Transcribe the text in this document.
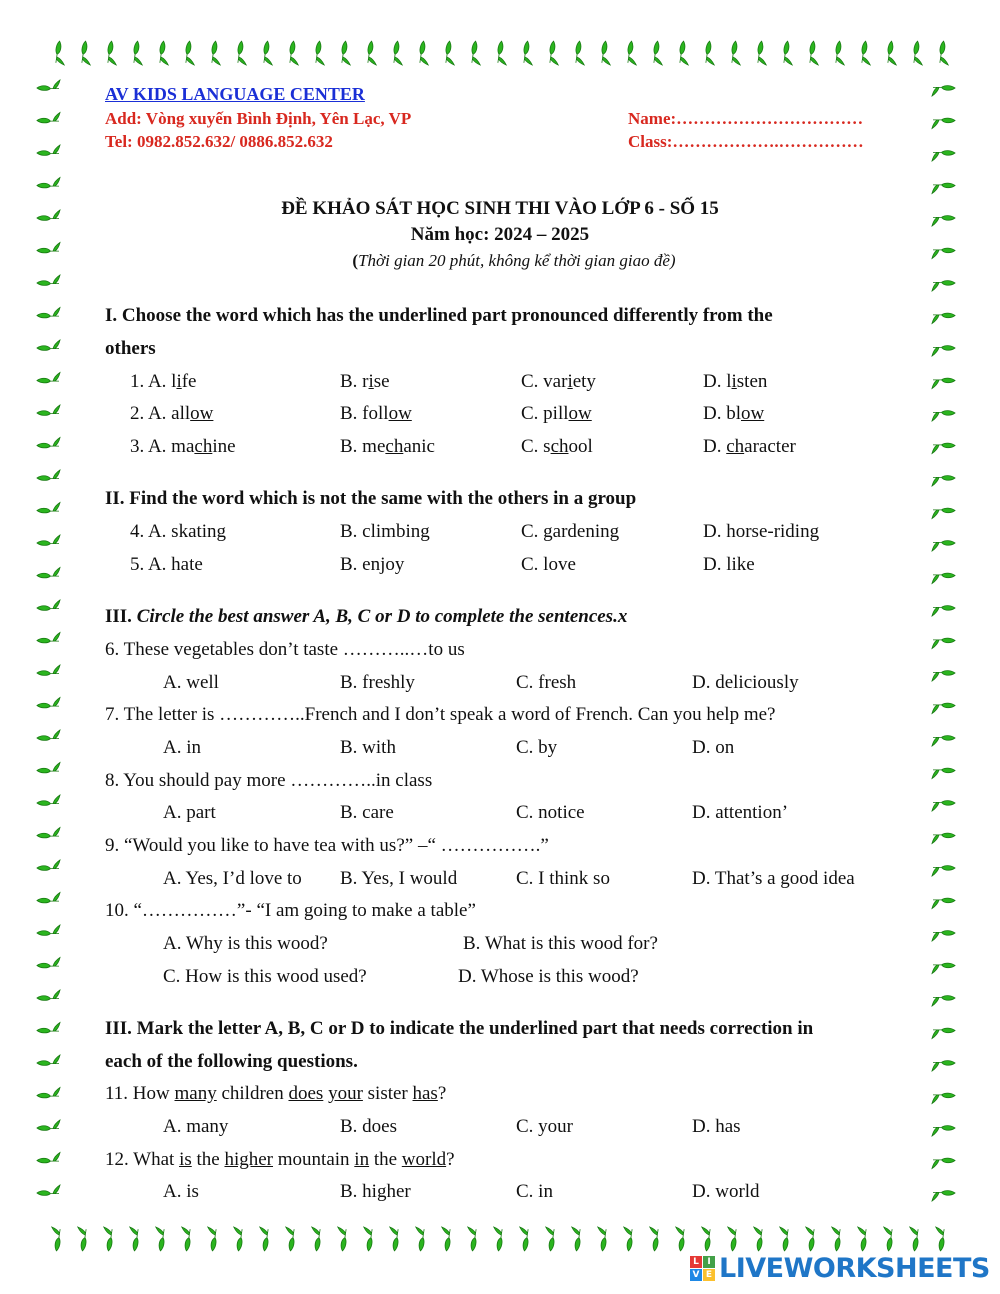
AV KIDS LANGUAGE CENTER
Add: Vòng xuyến Bình Định, Yên Lạc, VP
Tel: 0982.852.632/ 0886.852.632
Name:……………………………
Class:……………….……………
ĐỀ KHẢO SÁT HỌC SINH THI VÀO LỚP 6 - SỐ 15
Năm học: 2024 – 2025
(Thời gian 20 phút, không kể thời gian giao đề)
I. Choose the word which has the underlined part pronounced differently from the
others
1. A. life	B. rise	C. variety	D. listen
2. A. allow	B. follow	C. pillow	D. blow
3. A. machine	B. mechanic	C. school	D. character
II. Find the word which is not the same with the others in a group
4. A. skating	B. climbing	C. gardening	D. horse-riding
5. A. hate	B. enjoy	C. love	D. like
III. Circle the best answer A, B, C or D to complete the sentences.x
6. These vegetables don’t taste ………..…to us
A. well	B. freshly	C. fresh	D. deliciously
7. The letter is …………..French and I don’t speak a word of French. Can you help me?
A. in	B. with	C. by	D. on
8. You should pay more …………..in class
A. part	B. care	C. notice	D. attention’
9. “Would you like to have tea with us?” –“ …………….”
A. Yes, I’d love to B. Yes, I would	C. I think so	D. That’s a good idea
10. “……………”- “I am going to make a table”
A. Why is this wood?	B. What is this wood for?
C. How is this wood used?	D. Whose is this wood?
III. Mark the letter A, B, C or D to indicate the underlined part that needs correction in
each of the following questions.
11. How many children does your sister has?
A. many	B. does	C. your	D. has
12. What is the higher mountain in the world?
A. is	B. higher	C. in	D. world
L I
V E LIVEWORKSHEETS
